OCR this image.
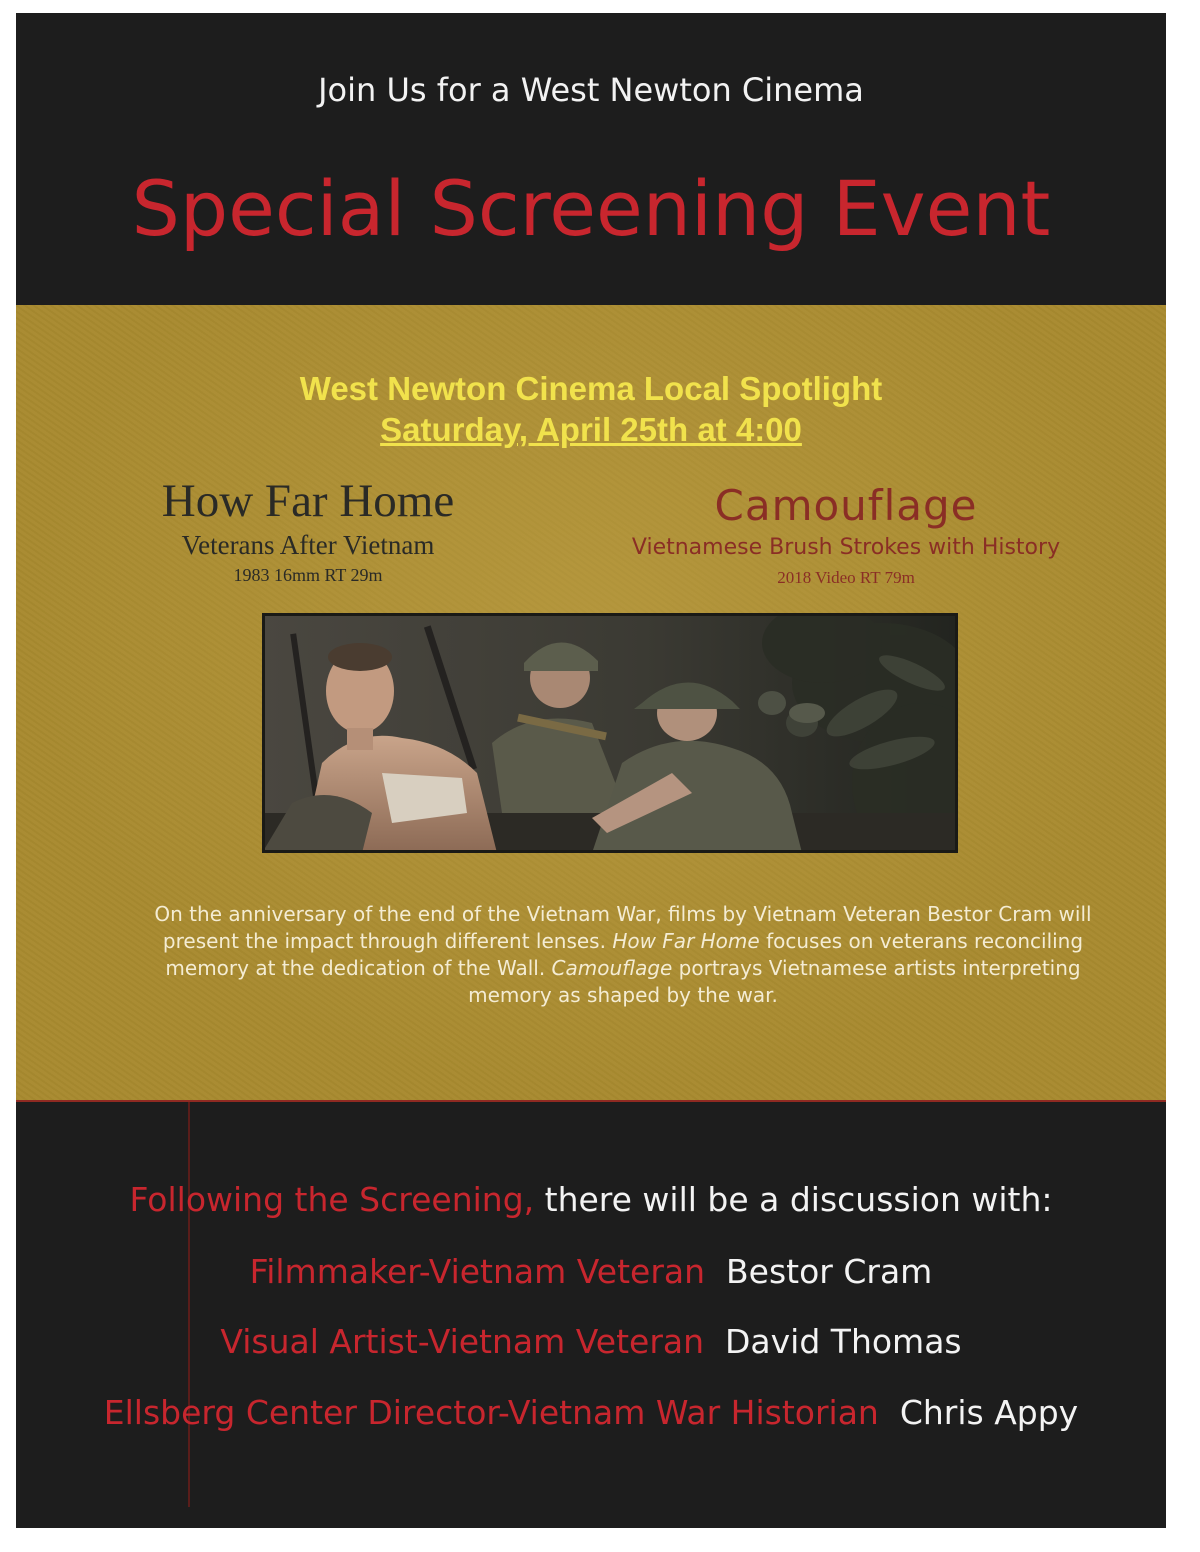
Join Us for a West Newton Cinema
Special Screening Event
West Newton Cinema Local Spotlight
Saturday, April 25th at 4:00
How Far Home
Veterans After Vietnam
1983 16mm RT 29m
Camouflage
Vietnamese Brush Strokes with History
2018 Video RT 79m
On the anniversary of the end of the Vietnam War, films by Vietnam Veteran Bestor Cram will present the impact through different lenses. How Far Home focuses on veterans reconciling memory at the dedication of the Wall. Camouflage portrays Vietnamese artists interpreting memory as shaped by the war.
Following the Screening, there will be a discussion with:
Filmmaker-Vietnam Veteran Bestor Cram
Visual Artist-Vietnam Veteran David Thomas
Ellsberg Center Director-Vietnam War Historian Chris Appy
